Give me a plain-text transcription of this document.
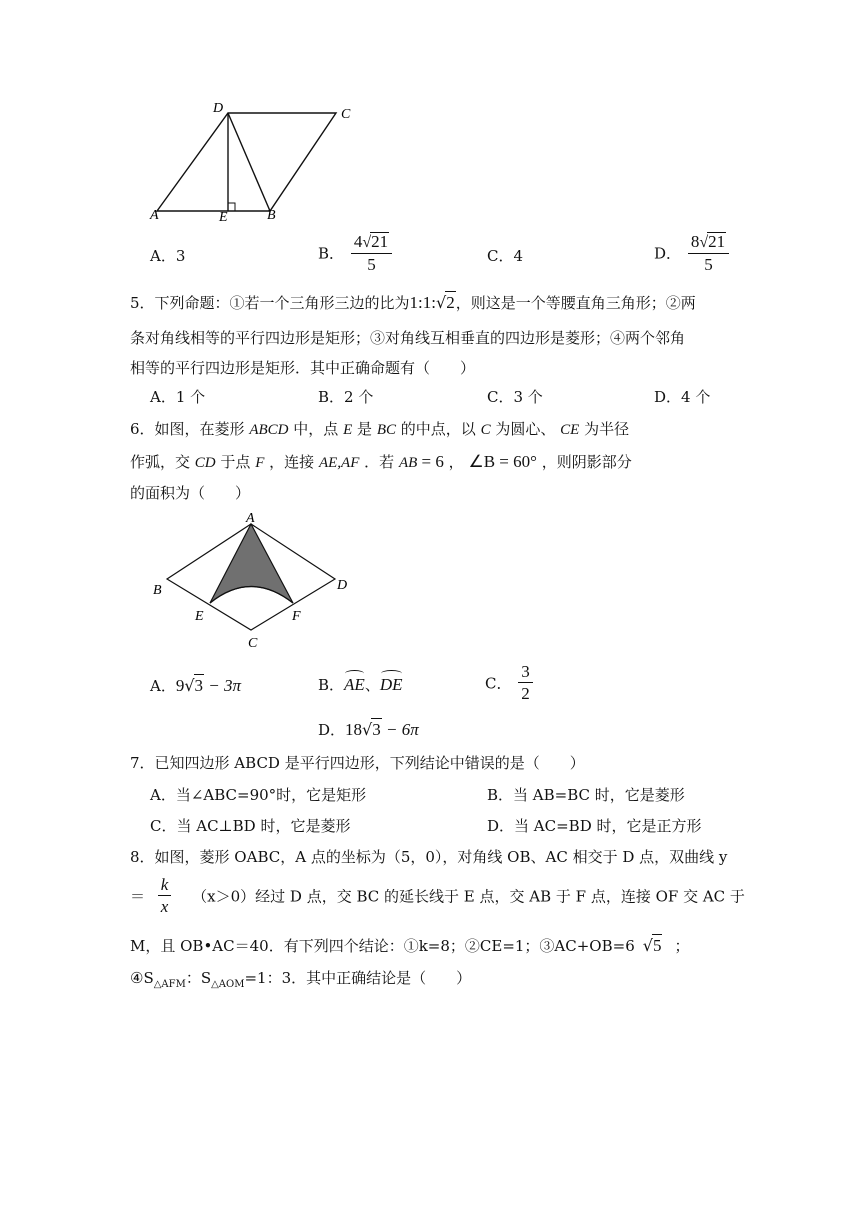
D	C
A	E	B
A．3	B． $\frac{4√21}{5}$	C．4	D． $\frac{8√21}{5}$
5．下列命题：①若一个三角形三边的比为1:1:√2，则这是一个等腰直角三角形；②两
条对角线相等的平行四边形是矩形；③对角线互相垂直的四边形是菱形；④两个邻角
相等的平行四边形是矩形．其中正确命题有（　　）
A．1 个	B．2 个	C．3 个	D．4 个
6．如图，在菱形 ABCD 中，点 E 是 BC 的中点，以 C 为圆心、 CE 为半径
作弧，交 CD 于点 F ，连接 AE,AF ．若 AB = 6 ， ∠B = 60° ，则阴影部分
的面积为（　　）
A
B	D
E	F
C
A．9√3 − 3π	B．AE、DE	C． $\frac{3}{2}$
D．18√3 − 6π
7．已知四边形 ABCD 是平行四边形，下列结论中错误的是（　　）
A．当∠ABC=90°时，它是矩形	B．当 AB=BC 时，它是菱形
C．当 AC⊥BD 时，它是菱形	D．当 AC=BD 时，它是正方形
8．如图，菱形 OABC，A 点的坐标为（5，0），对角线 OB、AC 相交于 D 点，双曲线 y
＝ $\frac{k}{x} (x>0)$经过 D 点，交 BC 的延长线于 E 点，交 AB 于 F 点，连接 OF 交 AC 于
M，且 OB•AC＝40．有下列四个结论：①k=8；②CE=1；③AC+OB=6 √5 ；
$④S_{\triangle AFM}$：$S_{\triangle AOM}=1$：3．其中正确结论是（　　）
